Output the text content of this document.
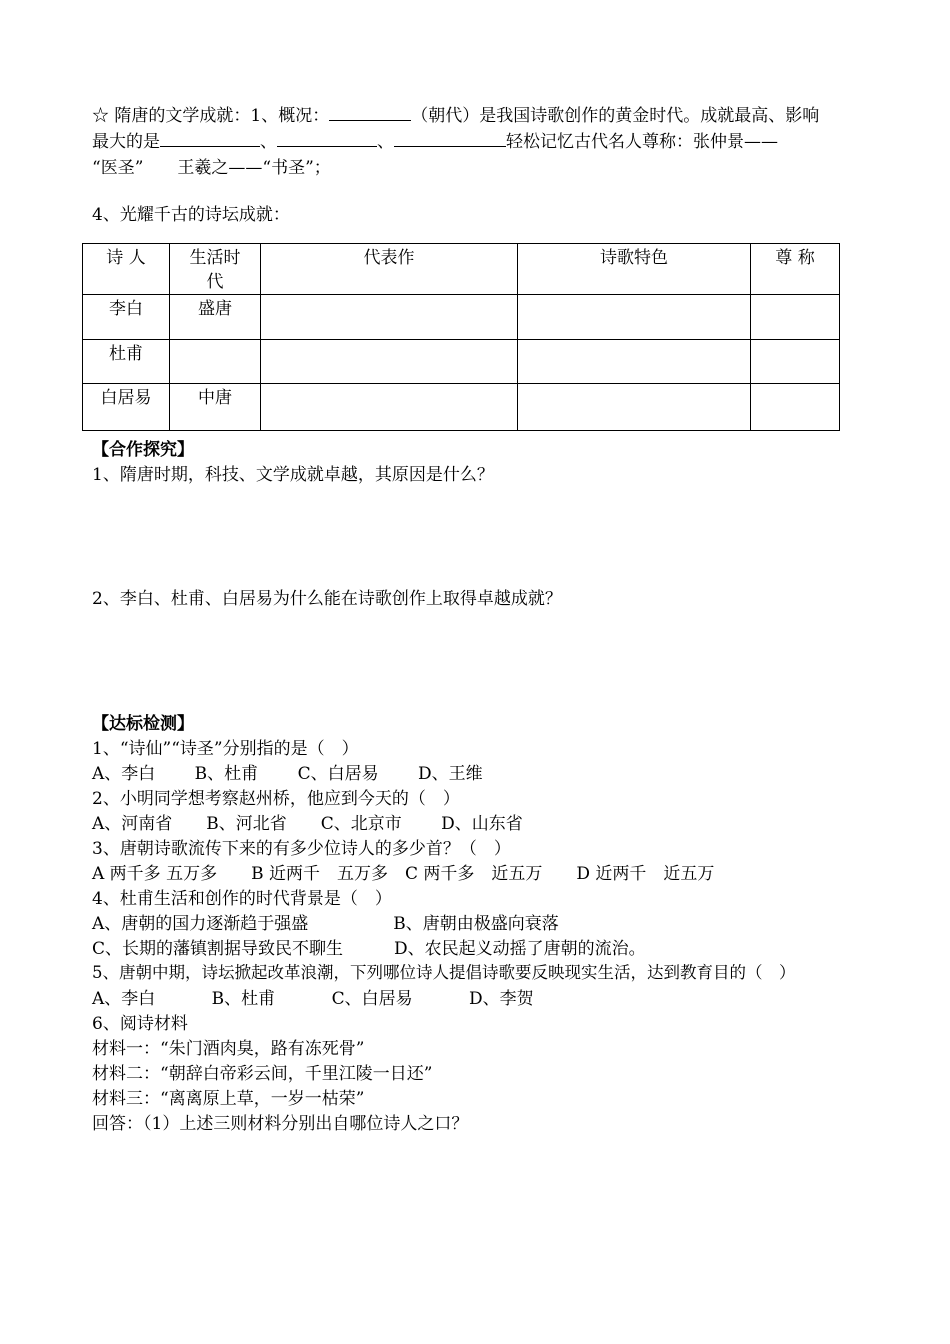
☆ 隋唐的文学成就：1、概况：	（朝代）是我国诗歌创作的黄金时代。成就最高、影响
最大的是	、	、	轻松记忆古代名人尊称：张仲景——
“医圣”　　王羲之——“书圣”；
4、光耀千古的诗坛成就：
诗 人	生活时代	代表作	诗歌特色	尊 称
李白	盛唐			
杜甫				
白居易	中唐			
【合作探究】
1、隋唐时期，科技、文学成就卓越，其原因是什么？
2、李白、杜甫、白居易为什么能在诗歌创作上取得卓越成就？
【达标检测】
1、“诗仙”“诗圣”分别指的是（　）
A、李白　　 B、杜甫　　 C、白居易　　 D、王维
2、小明同学想考察赵州桥，他应到今天的（　）
A、河南省　　B、河北省　　C、北京市　　 D、山东省
3、唐朝诗歌流传下来的有多少位诗人的多少首？（　）
A 两千多 五万多　　B 近两千　五万多　C 两千多　近五万　　D 近两千　近五万
4、杜甫生活和创作的时代背景是（　）
A、唐朝的国力逐渐趋于强盛　　　　　B、唐朝由极盛向衰落
C、长期的藩镇割据导致民不聊生　　　D、农民起义动摇了唐朝的流治。
5、唐朝中期，诗坛掀起改革浪潮，下列哪位诗人提倡诗歌要反映现实生活，达到教育目的（　）
A、李白　　　 B、杜甫　　　 C、白居易　　　 D、李贺
6、阅诗材料
材料一：“朱门酒肉臭，路有冻死骨”
材料二：“朝辞白帝彩云间，千里江陵一日还”
材料三：“离离原上草，一岁一枯荣”
回答：（1）上述三则材料分别出自哪位诗人之口？
